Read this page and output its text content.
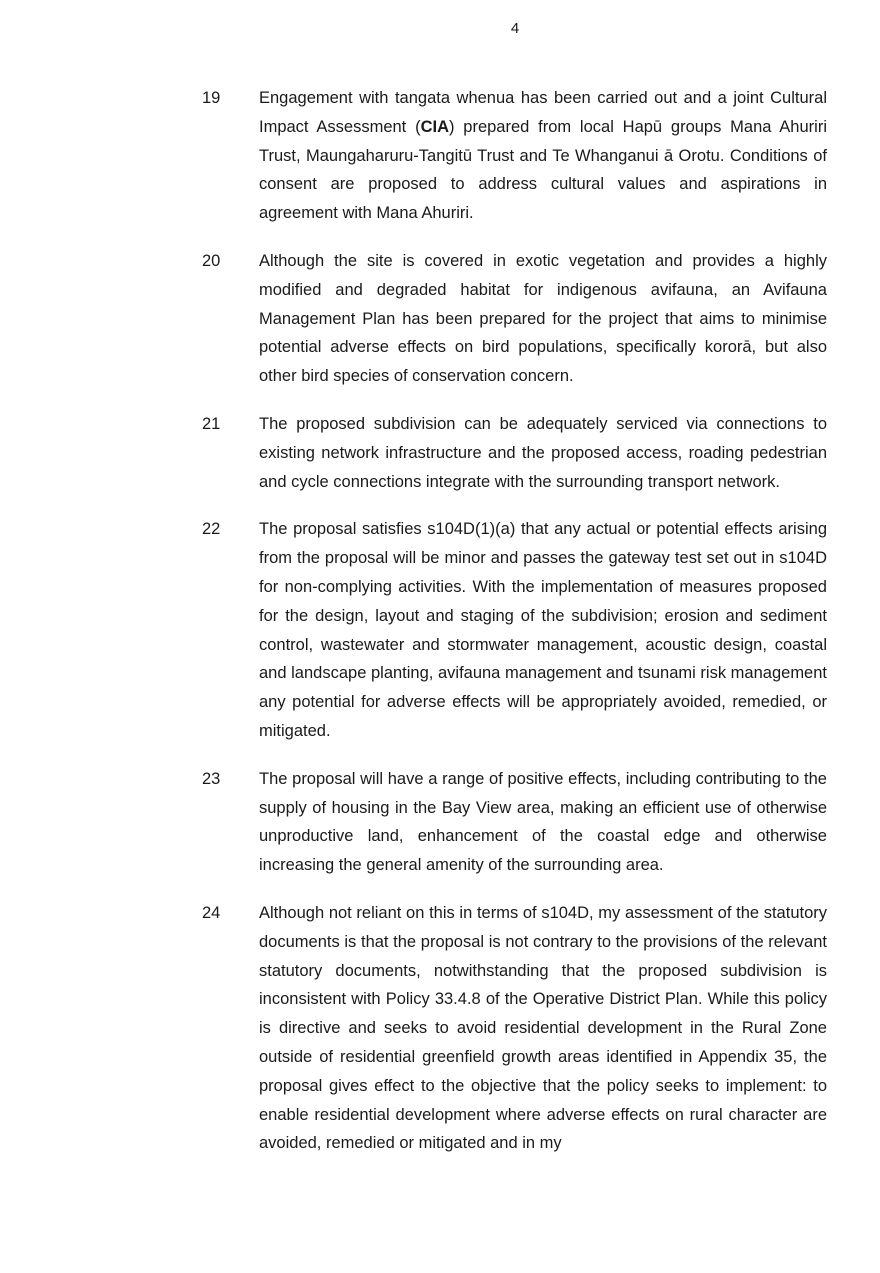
4
19	Engagement with tangata whenua has been carried out and a joint Cultural Impact Assessment (CIA) prepared from local Hapū groups Mana Ahuriri Trust, Maungaharuru-Tangitū Trust and Te Whanganui ā Orotu. Conditions of consent are proposed to address cultural values and aspirations in agreement with Mana Ahuriri.

20	Although the site is covered in exotic vegetation and provides a highly modified and degraded habitat for indigenous avifauna, an Avifauna Management Plan has been prepared for the project that aims to minimise potential adverse effects on bird populations, specifically kororā, but also other bird species of conservation concern.

21	The proposed subdivision can be adequately serviced via connections to existing network infrastructure and the proposed access, roading pedestrian and cycle connections integrate with the surrounding transport network.

22	The proposal satisfies s104D(1)(a) that any actual or potential effects arising from the proposal will be minor and passes the gateway test set out in s104D for non-complying activities. With the implementation of measures proposed for the design, layout and staging of the subdivision; erosion and sediment control, wastewater and stormwater management, acoustic design, coastal and landscape planting, avifauna management and tsunami risk management any potential for adverse effects will be appropriately avoided, remedied, or mitigated.

23	The proposal will have a range of positive effects, including contributing to the supply of housing in the Bay View area, making an efficient use of otherwise unproductive land, enhancement of the coastal edge and otherwise increasing the general amenity of the surrounding area.

24	Although not reliant on this in terms of s104D, my assessment of the statutory documents is that the proposal is not contrary to the provisions of the relevant statutory documents, notwithstanding that the proposed subdivision is inconsistent with Policy 33.4.8 of the Operative District Plan. While this policy is directive and seeks to avoid residential development in the Rural Zone outside of residential greenfield growth areas identified in Appendix 35, the proposal gives effect to the objective that the policy seeks to implement: to enable residential development where adverse effects on rural character are avoided, remedied or mitigated and in my
